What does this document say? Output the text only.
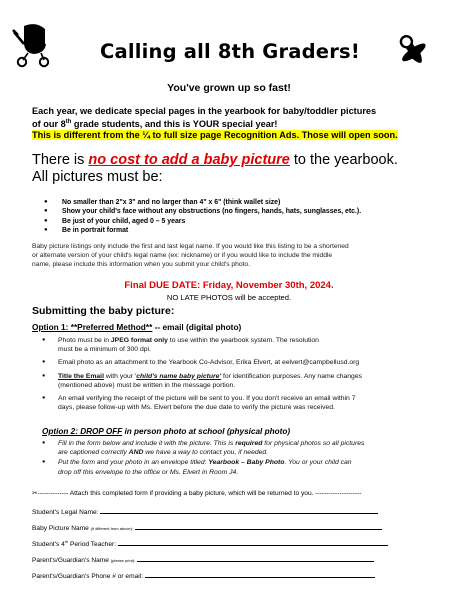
Calling all 8th Graders!
You've grown up so fast!
Each year, we dedicate special pages in the yearbook for baby/toddler pictures
of our 8th grade students, and this is YOUR special year!
This is different from the ¼ to full size page Recognition Ads. Those will open soon.
There is no cost to add a baby picture to the yearbook.
All pictures must be:
● No smaller than 2"x 3" and no larger than 4" x 6" (think wallet size)
● Show your child's face without any obstructions (no fingers, hands, hats, sunglasses, etc.).
● Be just of your child, aged 0 – 5 years
● Be in portrait format
Baby picture listings only include the first and last legal name. If you would like this listing to be a shortened
or alternate version of your child's legal name (ex: nickname) or if you would like to include the middle
name, please include this information when you submit your child's photo.
Final DUE DATE: Friday, November 30th, 2024.
NO LATE PHOTOS will be accepted.
Submitting the baby picture:
Option 1: **Preferred Method** -- email (digital photo)
● Photo must be in JPEG format only to use within the yearbook system. The resolution
must be a minimum of 300 dpi.
● Email photo as an attachment to the Yearbook Co-Advisor, Erika Elvert, at eelvert@campbellusd.org
● Title the Email with your 'child's name baby picture' for identification purposes. Any name changes
(mentioned above) must be written in the message portion.
● An email verifying the receipt of the picture will be sent to you. If you don't receive an email within 7
days, please follow-up with Ms. Elvert before the due date to verify the picture was received.
Option 2: DROP OFF in person photo at school (physical photo)
● Fill in the form below and include it with the picture. This is required for physical photos so all pictures
are captioned correctly AND we have a way to contact you, if needed.
● Put the form and your photo in an envelope titled: Yearbook – Baby Photo. You or your child can
drop off this envelope to the office or Ms. Elvert in Room J4.
✂-------------- Attach this completed form if providing a baby picture, which will be returned to you. ---------------------
Student's Legal Name:
Baby Picture Name (if different from above):
Student's 4th Period Teacher:
Parent's/Guardian's Name (please print):
Parent's/Guardian's Phone # or email:
